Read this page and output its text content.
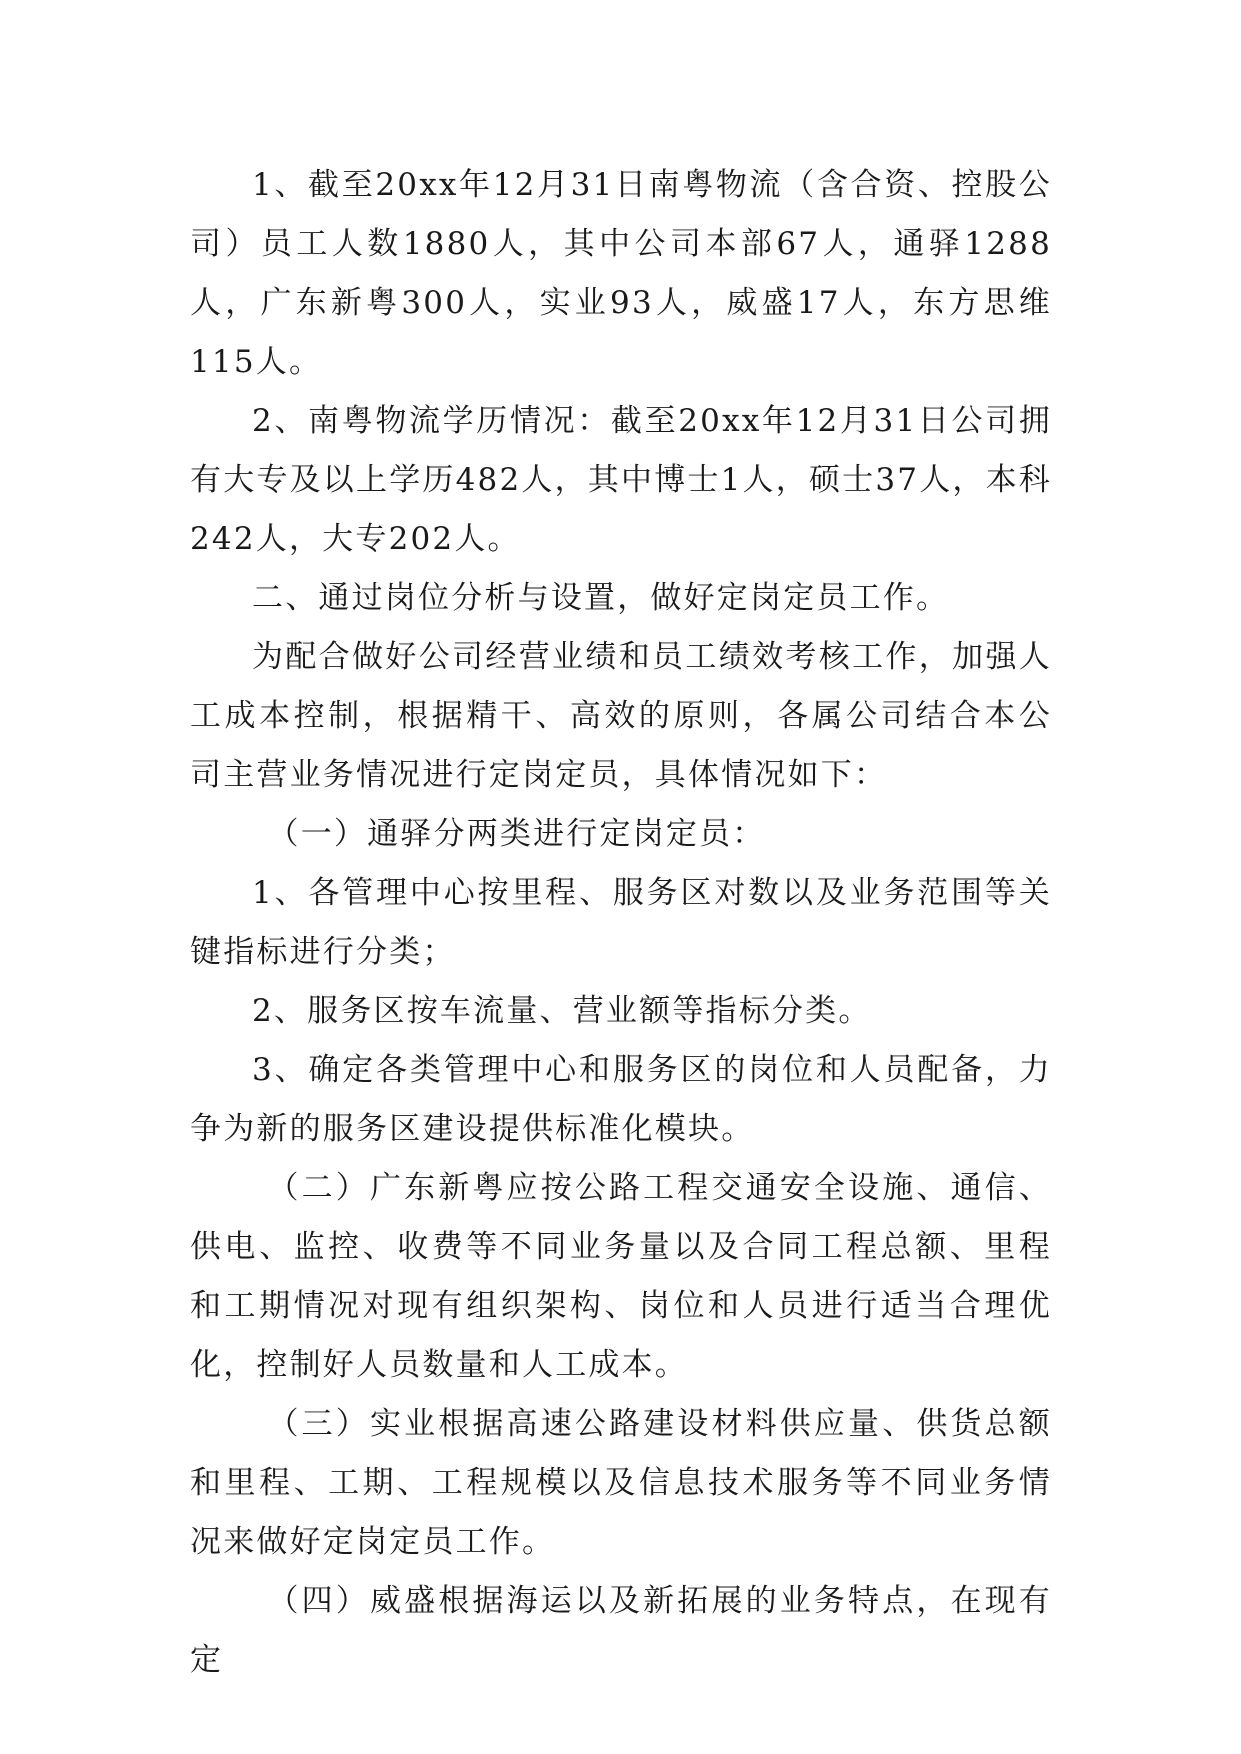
1、截至20xx年12月31日南粤物流（含合资、控股公司）员工人数1880人，其中公司本部67人，通驿1288人，广东新粤300人，实业93人，威盛17人，东方思维115人。

2、南粤物流学历情况：截至20xx年12月31日公司拥有大专及以上学历482人，其中博士1人，硕士37人，本科242人，大专202人。

二、通过岗位分析与设置，做好定岗定员工作。

为配合做好公司经营业绩和员工绩效考核工作，加强人工成本控制，根据精干、高效的原则，各属公司结合本公司主营业务情况进行定岗定员，具体情况如下：

（一）通驿分两类进行定岗定员：

1、各管理中心按里程、服务区对数以及业务范围等关键指标进行分类；

2、服务区按车流量、营业额等指标分类。

3、确定各类管理中心和服务区的岗位和人员配备，力争为新的服务区建设提供标准化模块。

（二）广东新粤应按公路工程交通安全设施、通信、供电、监控、收费等不同业务量以及合同工程总额、里程和工期情况对现有组织架构、岗位和人员进行适当合理优化，控制好人员数量和人工成本。

（三）实业根据高速公路建设材料供应量、供货总额和里程、工期、工程规模以及信息技术服务等不同业务情况来做好定岗定员工作。

（四）威盛根据海运以及新拓展的业务特点，在现有定
